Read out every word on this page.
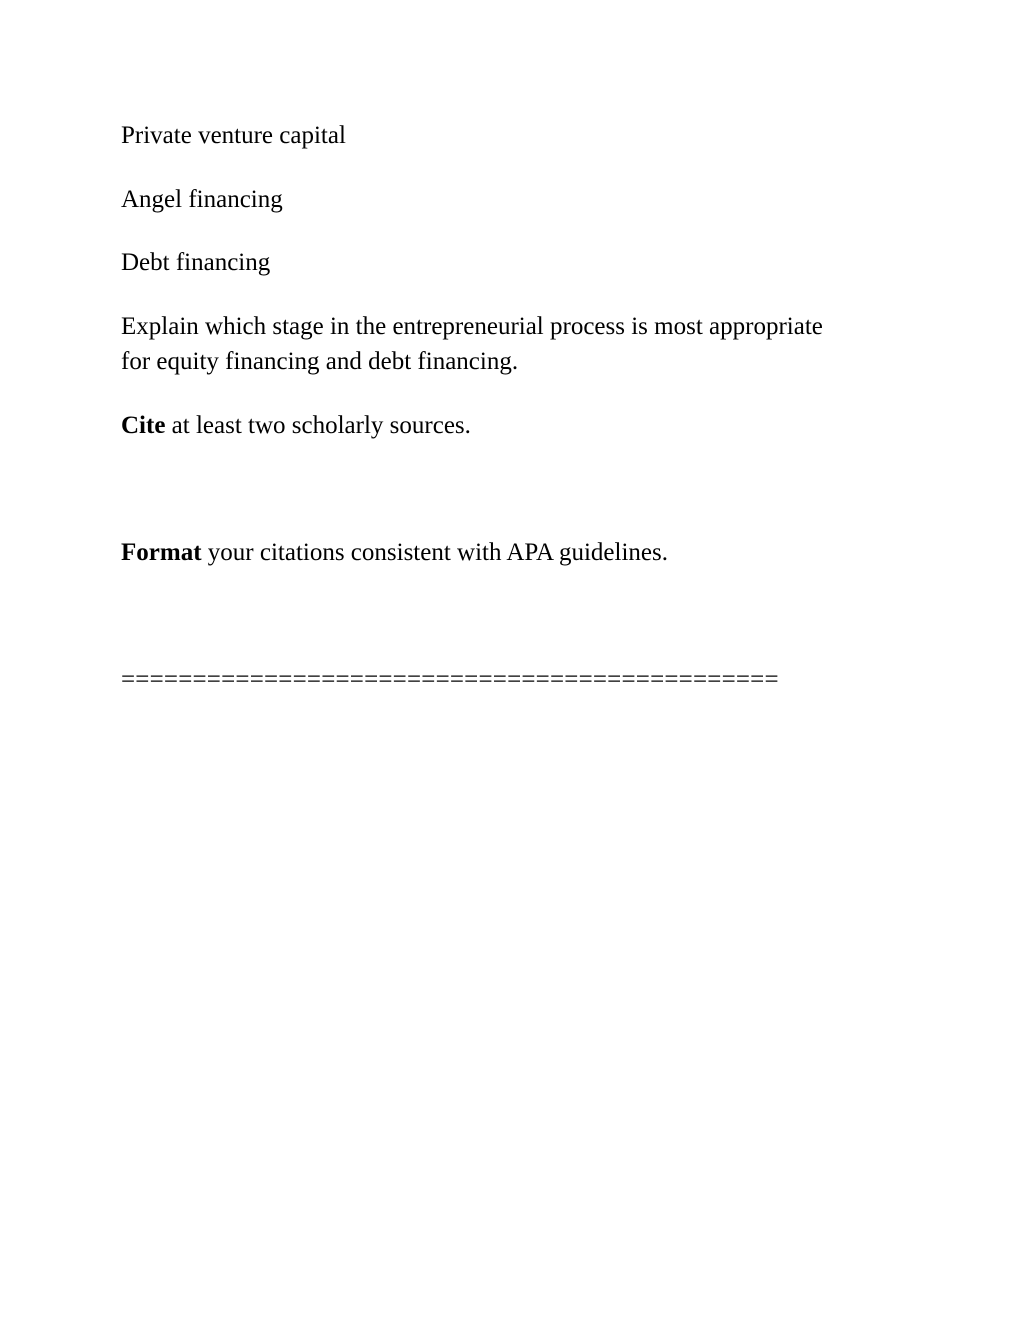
Private venture capital

Angel financing

Debt financing

Explain which stage in the entrepreneurial process is most appropriate

for equity financing and debt financing.

Cite at least two scholarly sources.

Format your citations consistent with APA guidelines.

==============================================
